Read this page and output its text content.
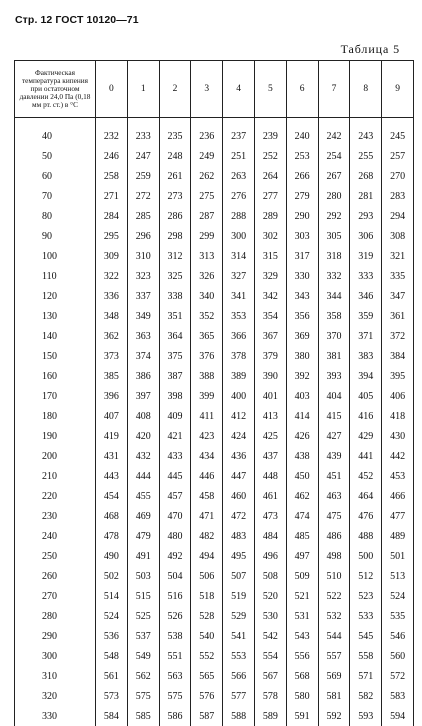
Стр. 12 ГОСТ 10120—71
Таблица 5
Фактическая температура кипения при остаточном давлении 24,0 Па (0,18 мм рт. ст.) в °C	0	1	2	3	4	5	6	7	8	9
40	232	233	235	236	237	239	240	242	243	245
50	246	247	248	249	251	252	253	254	255	257
60	258	259	261	262	263	264	266	267	268	270
70	271	272	273	275	276	277	279	280	281	283
80	284	285	286	287	288	289	290	292	293	294
90	295	296	298	299	300	302	303	305	306	308
100	309	310	312	313	314	315	317	318	319	321
110	322	323	325	326	327	329	330	332	333	335
120	336	337	338	340	341	342	343	344	346	347
130	348	349	351	352	353	354	356	358	359	361
140	362	363	364	365	366	367	369	370	371	372
150	373	374	375	376	378	379	380	381	383	384
160	385	386	387	388	389	390	392	393	394	395
170	396	397	398	399	400	401	403	404	405	406
180	407	408	409	411	412	413	414	415	416	418
190	419	420	421	423	424	425	426	427	429	430
200	431	432	433	434	436	437	438	439	441	442
210	443	444	445	446	447	448	450	451	452	453
220	454	455	457	458	460	461	462	463	464	466
230	468	469	470	471	472	473	474	475	476	477
240	478	479	480	482	483	484	485	486	488	489
250	490	491	492	494	495	496	497	498	500	501
260	502	503	504	506	507	508	509	510	512	513
270	514	515	516	518	519	520	521	522	523	524
280	524	525	526	528	529	530	531	532	533	535
290	536	537	538	540	541	542	543	544	545	546
300	548	549	551	552	553	554	556	557	558	560
310	561	562	563	565	566	567	568	569	571	572
320	573	575	575	576	577	578	580	581	582	583
330	584	585	586	587	588	589	591	592	593	594
